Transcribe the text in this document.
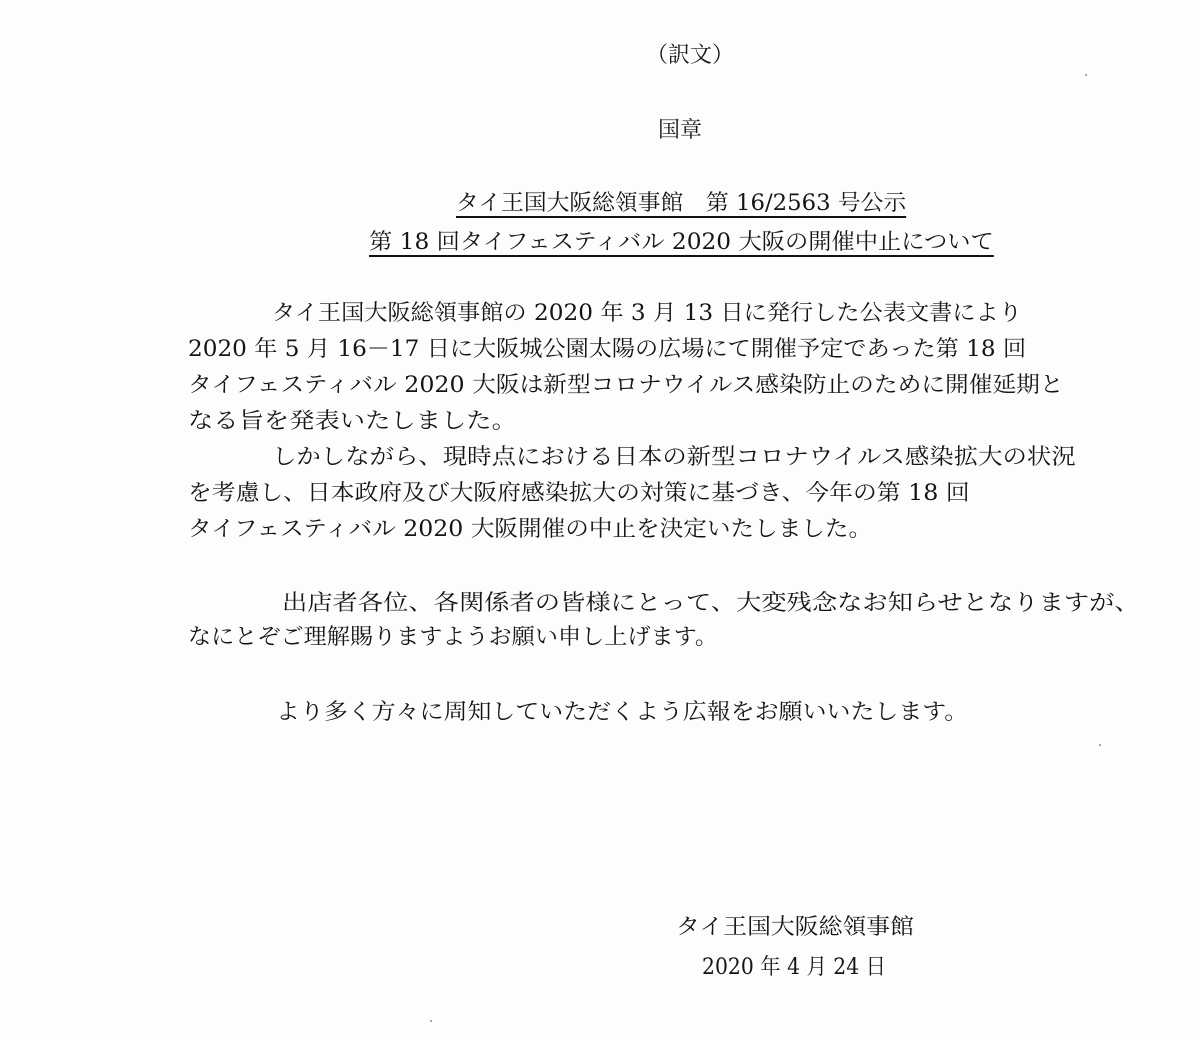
（訳文）
国章
タイ王国大阪総領事館　第 16/2563 号公示
第 18 回タイフェスティバル 2020 大阪の開催中止について
タイ王国大阪総領事館の 2020 年 3 月 13 日に発行した公表文書により
2020 年 5 月 16－17 日に大阪城公園太陽の広場にて開催予定であった第 18 回
タイフェスティバル 2020 大阪は新型コロナウイルス感染防止のために開催延期と
なる旨を発表いたしました。
しかしながら、現時点における日本の新型コロナウイルス感染拡大の状況
を考慮し、日本政府及び大阪府感染拡大の対策に基づき、今年の第 18 回
タイフェスティバル 2020 大阪開催の中止を決定いたしました。
出店者各位、各関係者の皆様にとって、大変残念なお知らせとなりますが、
なにとぞご理解賜りますようお願い申し上げます。
より多く方々に周知していただくよう広報をお願いいたします。
タイ王国大阪総領事館
2020 年 4 月 24 日
